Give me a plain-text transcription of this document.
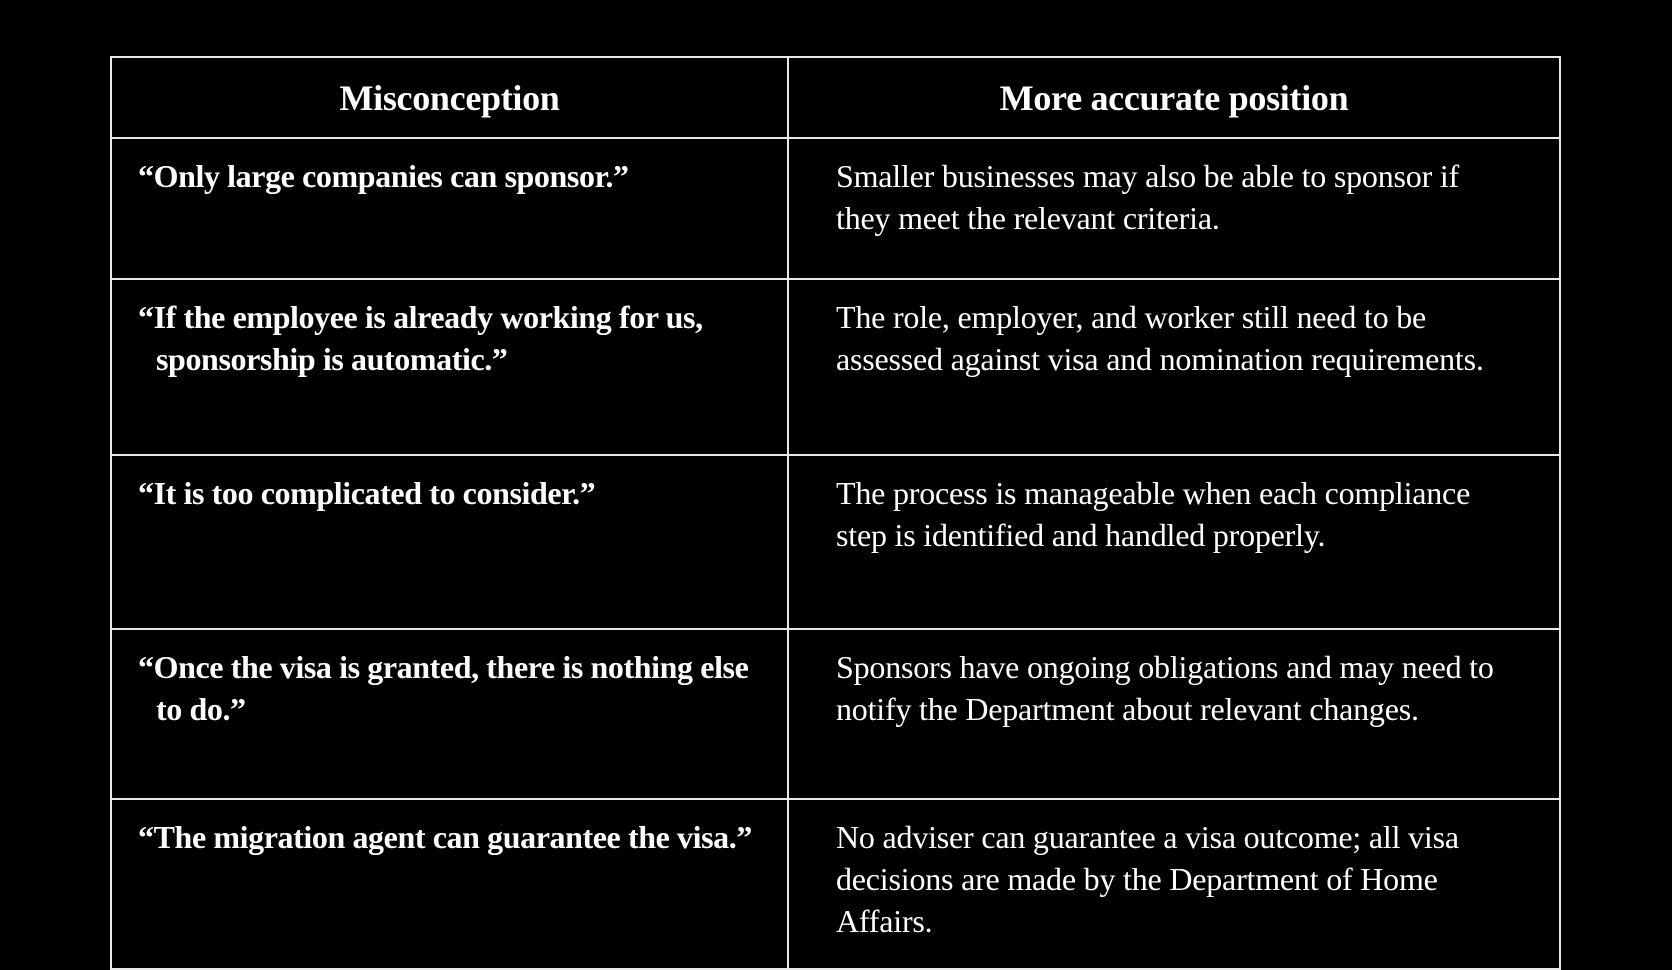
Misconception	More accurate position

“Only large companies can sponsor.”	Smaller businesses may also be able to sponsor if they meet the relevant criteria.

“If the employee is already working for us, sponsorship is automatic.”	The role, employer, and worker still need to be assessed against visa and nomination requirements.

“It is too complicated to consider.”	The process is manageable when each compliance step is identified and handled properly.

“Once the visa is granted, there is nothing else to do.”	Sponsors have ongoing obligations and may need to notify the Department about relevant changes.

“The migration agent can guarantee the visa.”	No adviser can guarantee a visa outcome; all visa decisions are made by the Department of Home Affairs.
